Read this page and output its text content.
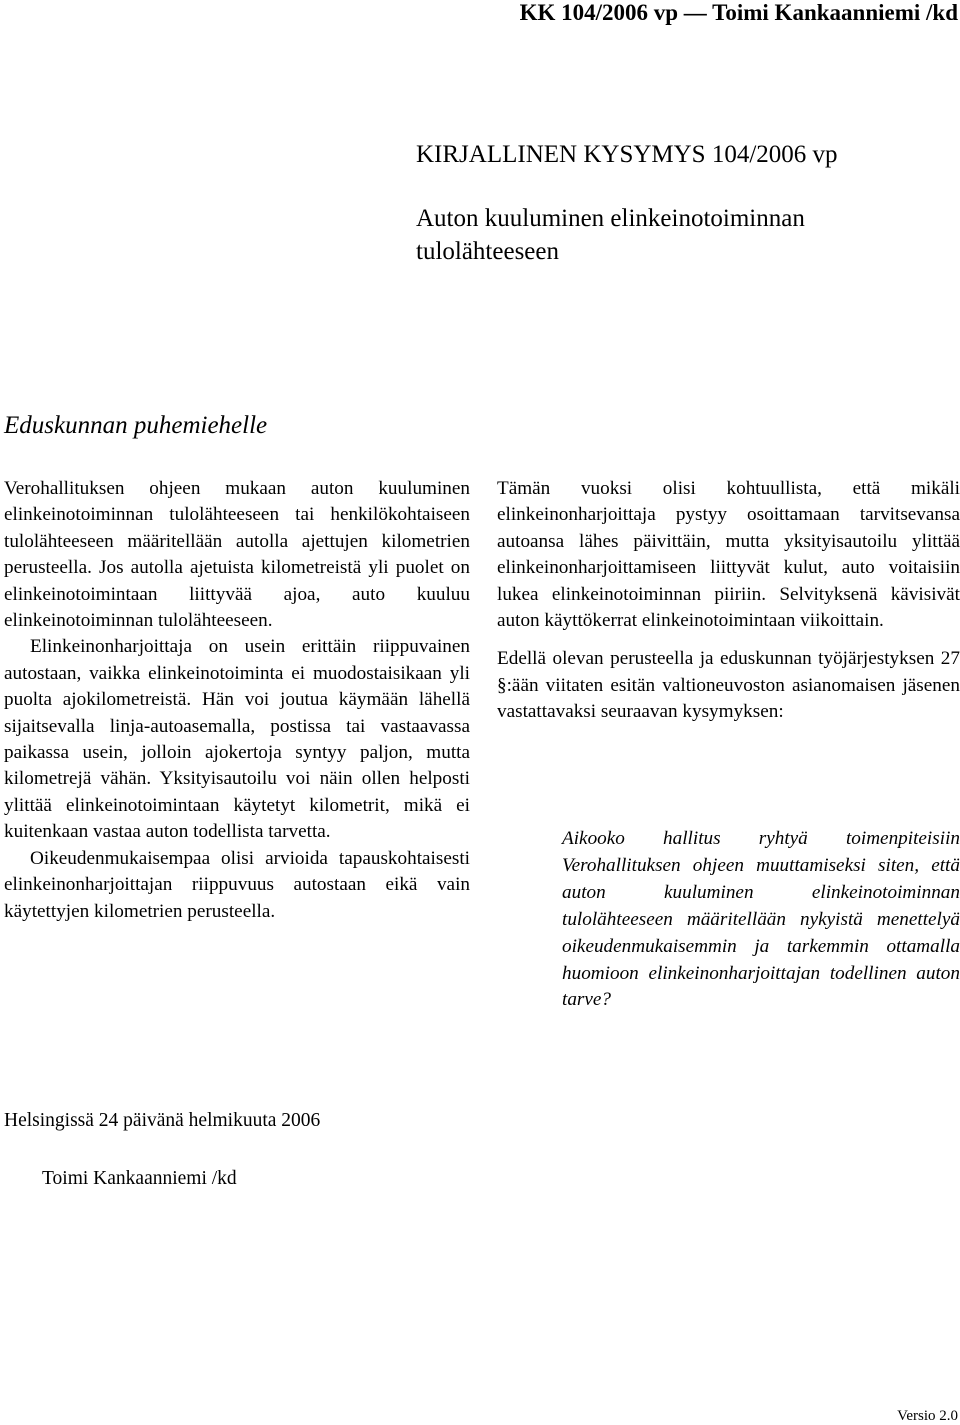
KK 104/2006 vp — Toimi Kankaanniemi /kd
KIRJALLINEN KYSYMYS 104/2006 vp
Auton kuuluminen elinkeinotoiminnan tulolähteeseen
Eduskunnan puhemiehelle

Verohallituksen ohjeen mukaan auton kuuluminen elinkeinotoiminnan tulolähteeseen tai henkilökohtaiseen tulolähteeseen määritellään autolla ajettujen kilometrien perusteella. Jos autolla ajetuista kilometreistä yli puolet on elinkeinotoimintaan liittyvää ajoa, auto kuuluu elinkeinotoiminnan tulolähteeseen.

Elinkeinonharjoittaja on usein erittäin riippuvainen autostaan, vaikka elinkeinotoiminta ei muodostaisikaan yli puolta ajokilometreistä. Hän voi joutua käymään lähellä sijaitsevalla linja-autoasemalla, postissa tai vastaavassa paikassa usein, jolloin ajokertoja syntyy paljon, mutta kilometrejä vähän. Yksityisautoilu voi näin ollen helposti ylittää elinkeinotoimintaan käytetyt kilometrit, mikä ei kuitenkaan vastaa auton todellista tarvetta.

Oikeudenmukaisempaa olisi arvioida tapauskohtaisesti elinkeinonharjoittajan riippuvuus autostaan eikä vain käytettyjen kilometrien perusteella.

Tämän vuoksi olisi kohtuullista, että mikäli elinkeinonharjoittaja pystyy osoittamaan tarvitsevansa autoansa lähes päivittäin, mutta yksityisautoilu ylittää elinkeinonharjoittamiseen liittyvät kulut, auto voitaisiin lukea elinkeinotoiminnan piiriin. Selvityksenä kävisivät auton käyttökerrat elinkeinotoimintaan viikoittain.

Edellä olevan perusteella ja eduskunnan työjärjestyksen 27 §:ään viitaten esitän valtioneuvoston asianomaisen jäsenen vastattavaksi seuraavan kysymyksen:

Aikooko hallitus ryhtyä toimenpiteisiin Verohallituksen ohjeen muuttamiseksi siten, että auton kuuluminen elinkeinotoiminnan tulolähteeseen määritellään nykyistä menettelyä oikeudenmukaisemmin ja tarkemmin ottamalla huomioon elinkeinonharjoittajan todellinen auton tarve?
Helsingissä 24 päivänä helmikuuta 2006
Toimi Kankaanniemi /kd
Versio 2.0
